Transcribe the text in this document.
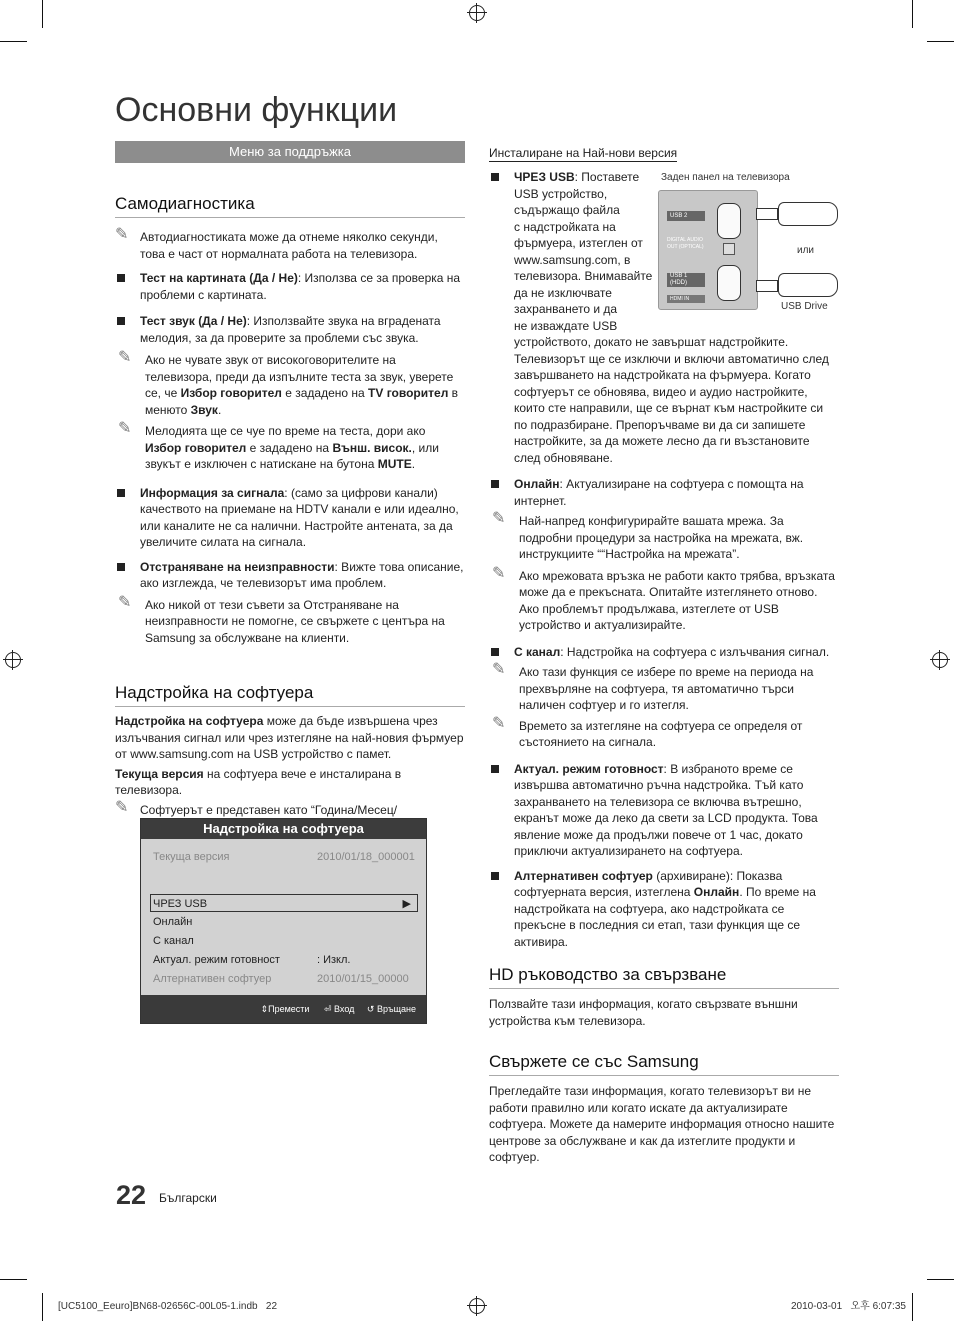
Основни функции
Меню за поддръжка
Самодиагностика
✎ Автодиагностиката може да отнеме няколко секунди, това е част от нормалната работа на телевизора.
Тест на картината (Да / Не): Използва се за проверка на проблеми с картината.
Тест звук (Да / Не): Използвайте звука на вградената мелодия, за да проверите за проблеми със звука.
✎ Ако не чувате звук от високоговорителите на телевизора, преди да изпълните теста за звук, уверете се, че Избор говорител е зададено на TV говорител в менюто Звук.
✎ Мелодията ще се чуе по време на теста, дори ако Избор говорител е зададено на Външ. висок., или звукът е изключен с натискане на бутона MUTE.
Информация за сигнала: (само за цифрови канали) качеството на приемане на HDTV канали е или идеално, или каналите не са налични. Настройте антената, за да увеличите силата на сигнала.
Отстраняване на неизправности: Вижте това описание, ако изглежда, че телевизорът има проблем.
✎ Ако никой от тези съвети за Отстраняване на неизправности не помогне, се свържете с центъра на Samsung за обслужване на клиенти.
Надстройка на софтуера
Надстройка на софтуера може да бъде извършена чрез излъчвания сигнал или чрез изтегляне на най-новия фърмуер от www.samsung.com на USB устройство с памет.
Текуща версия на софтуера вече е инсталирана в телевизора.
✎ Софтуерът е представен като “Година/Месец/
Надстройка на софтуера
Текуща версия	2010/01/18_000001
ЧРЕЗ USB	▶
Онлайн
С канал
Актуал. режим готовност	: Изкл.
Алтернативен софтуер	2010/01/15_00000
⇕Премести ⏎ Вход ↺ Връщане
Инсталиране на Най-нови версия
Заден панел на телевизора
USB 2
DIGITAL AUDIO OUT (OPTICAL)
USB 1 (HDD)
HDMI IN
или
USB Drive
ЧРЕЗ USB: Поставете
USB устройство,
съдържащо файла
с надстройката на
фърмуера, изтеглен от
www.samsung.com, в
телевизора. Внимавайте
да не изключвате
захранването и да
не изваждате USB
устройството, докато не завършат надстройките. Телевизорът ще се изключи и включи автоматично след завършването на надстройката на фърмуера. Когато софтуерът се обновява, видео и аудио настройките, които сте направили, ще се върнат към настройките си по подразбиране. Препоръчваме ви да си запишете настройките, за да можете лесно да ги възстановите след обновяване.
Онлайн: Актуализиране на софтуера с помощта на интернет.
✎ Най-напред конфигурирайте вашата мрежа. За подробни процедури за настройка на мрежата, вж. инструкциите ““Настройка на мрежата”.
✎ Ако мрежовата връзка не работи както трябва, връзката може да е прекъсната. Опитайте изтеглянето отново. Ако проблемът продължава, изтеглете от USB устройство и актуализирайте.
С канал: Надстройка на софтуера с излъчвания сигнал.
✎ Ако тази функция се избере по време на периода на прехвърляне на софтуера, тя автоматично търси наличен софтуер и го изтегля.
✎ Времето за изтегляне на софтуера се определя от състоянието на сигнала.
Актуал. режим готовност: В избраното време се извършва автоматично ръчна надстройка. Тъй като захранването на телевизора се включва вътрешно, екранът може да леко да свети за LCD продукта. Това явление може да продължи повече от 1 час, докато приключи актуализирането на софтуера.
Алтернативен софтуер (архивиране): Показва софтуерната версия, изтеглена Онлайн. По време на надстройката на софтуера, ако надстройката се прекъсне в последния си етап, тази функция ще се активира.
HD ръководство за свързване
Ползвайте тази информация, когато свързвате външни устройства към телевизора.
Свържете се със Samsung
Прегледайте тази информация, когато телевизорът ви не работи правилно или когато искате да актуализирате софтуера. Можете да намерите информация относно нашите центрове за обслужване и как да изтеглите продукти и софтуер.
22 Български
[UC5100_Eeuro]BN68-02656C-00L05-1.indb   22	2010-03-01   오후 6:07:35
